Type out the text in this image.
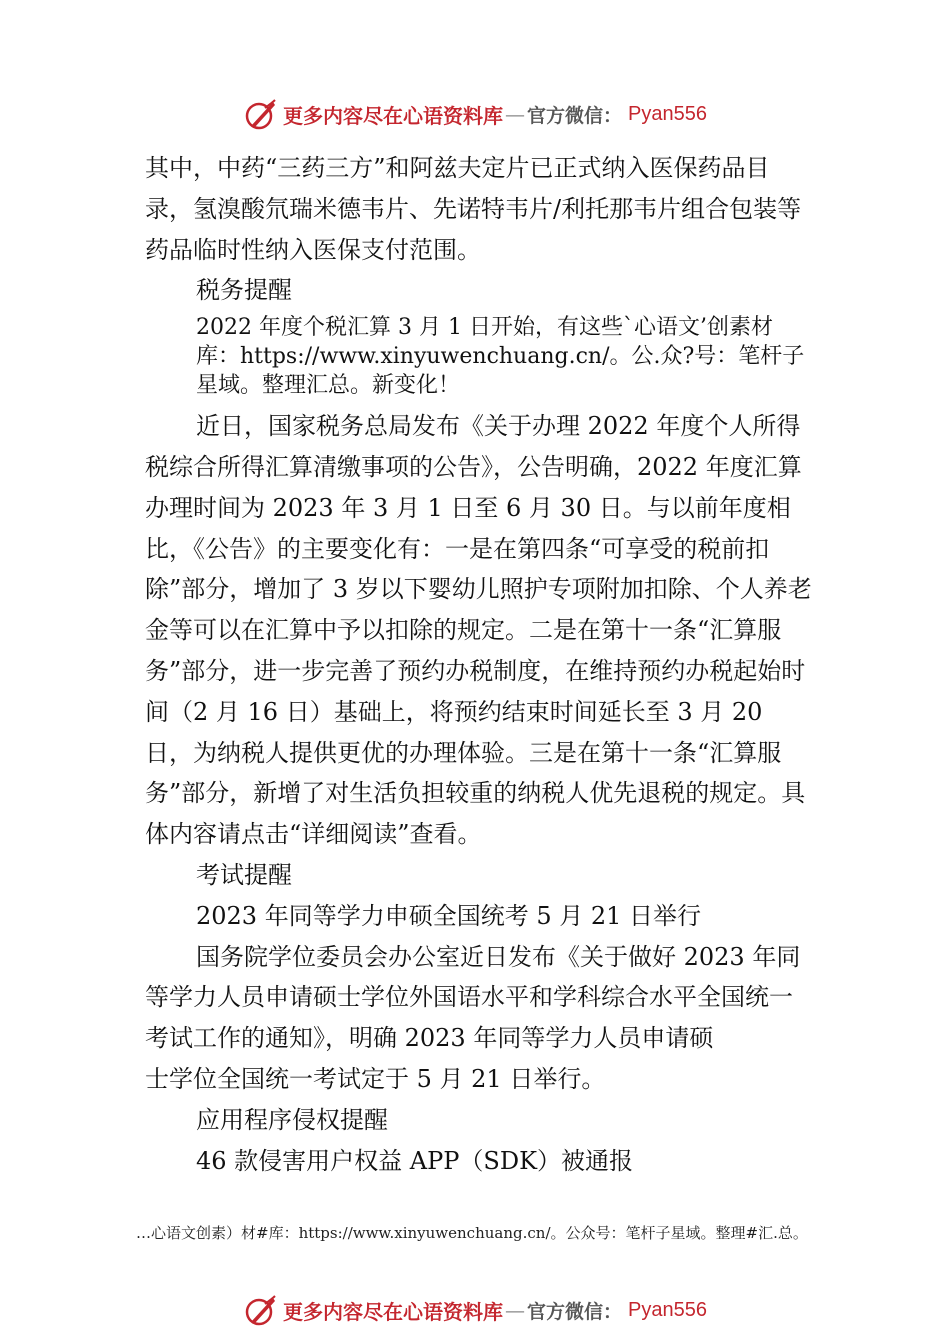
更多内容尽在心语资料库 — 官方微信： Pyan556

其中，中药“三药三方”和阿兹夫定片已正式纳入医保药品目录，氢溴酸氘瑞米德韦片、先诺特韦片/利托那韦片组合包装等药品临时性纳入医保支付范围。

税务提醒

2022 年度个税汇算 3 月 1 日开始，有这些`心语文’创素材库：https://www.xinyuwenchuang.cn/。公.众?号：笔杆子星域。整理汇总。新变化！

近日，国家税务总局发布《关于办理 2022 年度个人所得税综合所得汇算清缴事项的公告》，公告明确，2022 年度汇算办理时间为 2023 年 3 月 1 日至 6 月 30 日。与以前年度相比，《公告》的主要变化有：一是在第四条“可享受的税前扣除”部分，增加了 3 岁以下婴幼儿照护专项附加扣除、个人养老金等可以在汇算中予以扣除的规定。二是在第十一条“汇算服务”部分，进一步完善了预约办税制度，在维持预约办税起始时间（2 月 16 日）基础上，将预约结束时间延长至 3 月 20 日，为纳税人提供更优的办理体验。三是在第十一条“汇算服务”部分，新增了对生活负担较重的纳税人优先退税的规定。具体内容请点击“详细阅读”查看。

考试提醒

2023 年同等学力申硕全国统考 5 月 21 日举行

国务院学位委员会办公室近日发布《关于做好 2023 年同等学力人员申请硕士学位外国语水平和学科综合水平全国统一考试工作的通知》，明确 2023 年同等学力人员申请硕

士学位全国统一考试定于 5 月 21 日举行。

应用程序侵权提醒

46 款侵害用户权益 APP（SDK）被通报

…心语文创素）材#库：https://www.xinyuwenchuang.cn/。公众号：笔杆子星域。整理#汇.总。
更多内容尽在心语资料库 — 官方微信： Pyan556
